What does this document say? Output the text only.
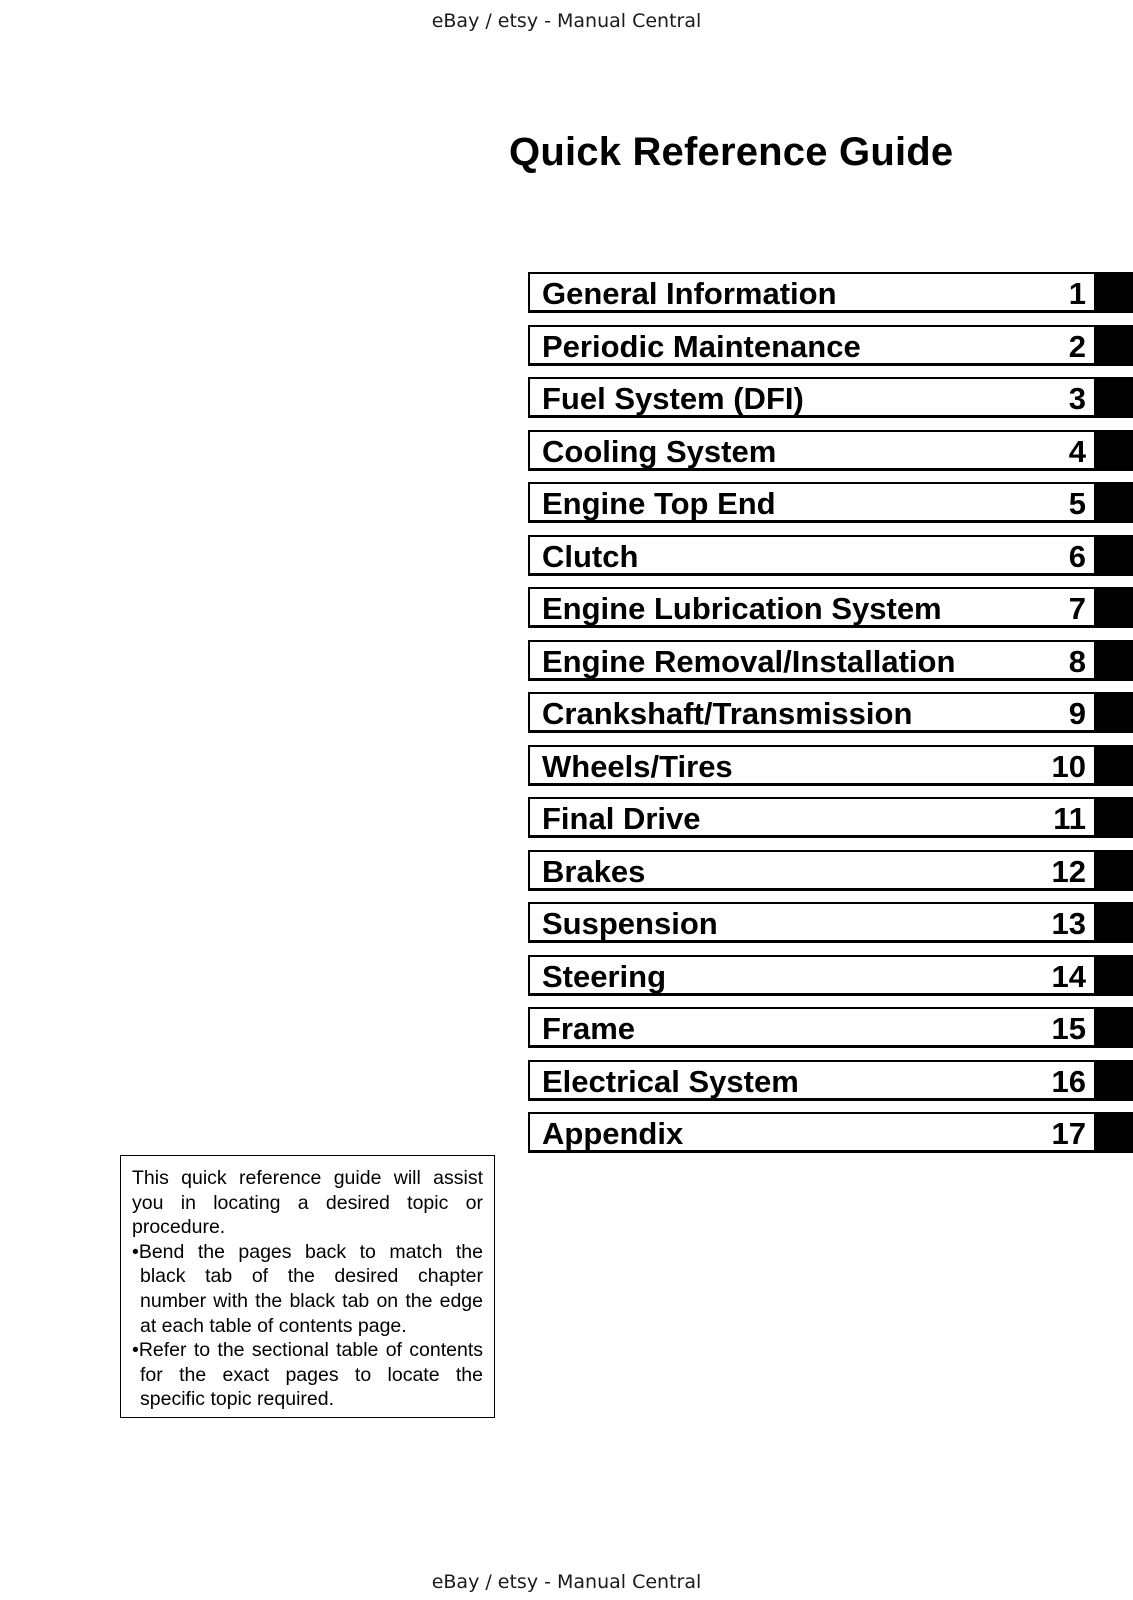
eBay / etsy - Manual Central
Quick Reference Guide
General Information	1
Periodic Maintenance	2
Fuel System (DFI)	3
Cooling System	4
Engine Top End	5
Clutch	6
Engine Lubrication System	7
Engine Removal/Installation	8
Crankshaft/Transmission	9
Wheels/Tires	10
Final Drive	11
Brakes	12
Suspension	13
Steering	14
Frame	15
Electrical System	16
Appendix	17

This quick reference guide will assist you in locating a desired topic or procedure.

•Bend the pages back to match the black tab of the desired chapter number with the black tab on the edge at each table of contents page.

•Refer to the sectional table of contents for the exact pages to locate the specific topic required.

eBay / etsy - Manual Central
